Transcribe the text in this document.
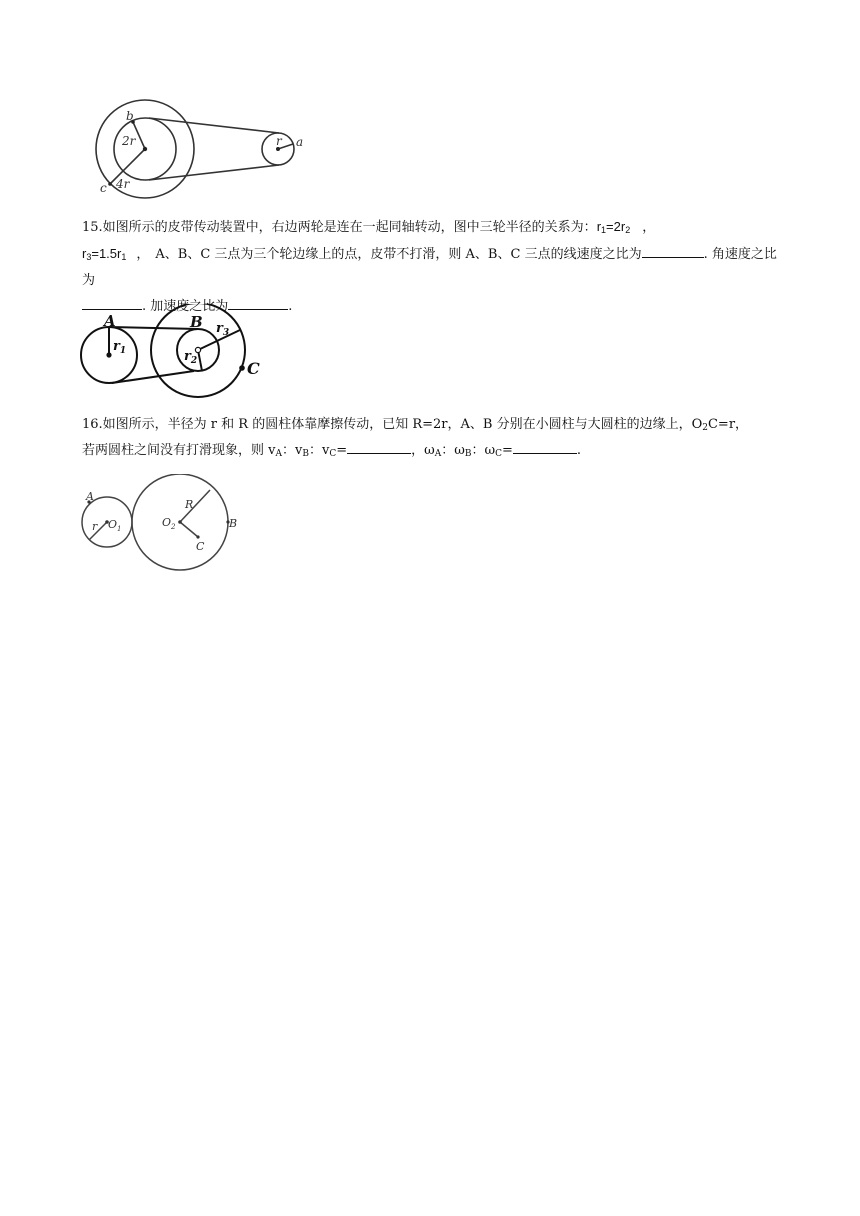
b
2r
c 4r
r a
15.如图所示的皮带传动装置中，右边两轮是连在一起同轴转动，图中三轮半径的关系为：$r_1=2r_2$ ，
$r_3=1.5r_1$ ， A、B、C 三点为三个轮边缘上的点，皮带不打滑，则 A、B、C 三点的线速度之比为	. 角速度之比为
. 加速度之比为	.
A
$r_1$
B
$r_2$
$r_3$
C
16.如图所示，半径为 r 和 R 的圆柱体靠摩擦传动，已知 R=2r，A、B 分别在小圆柱与大圆柱的边缘上，$O_2C=r$，
若两圆柱之间没有打滑现象，则 $v_A$：$v_B$：$v_C=$	，$\omega_A$：$\omega_B$：$\omega_C=$	.
A
r $O_1$
R
$O_2$
C
B
